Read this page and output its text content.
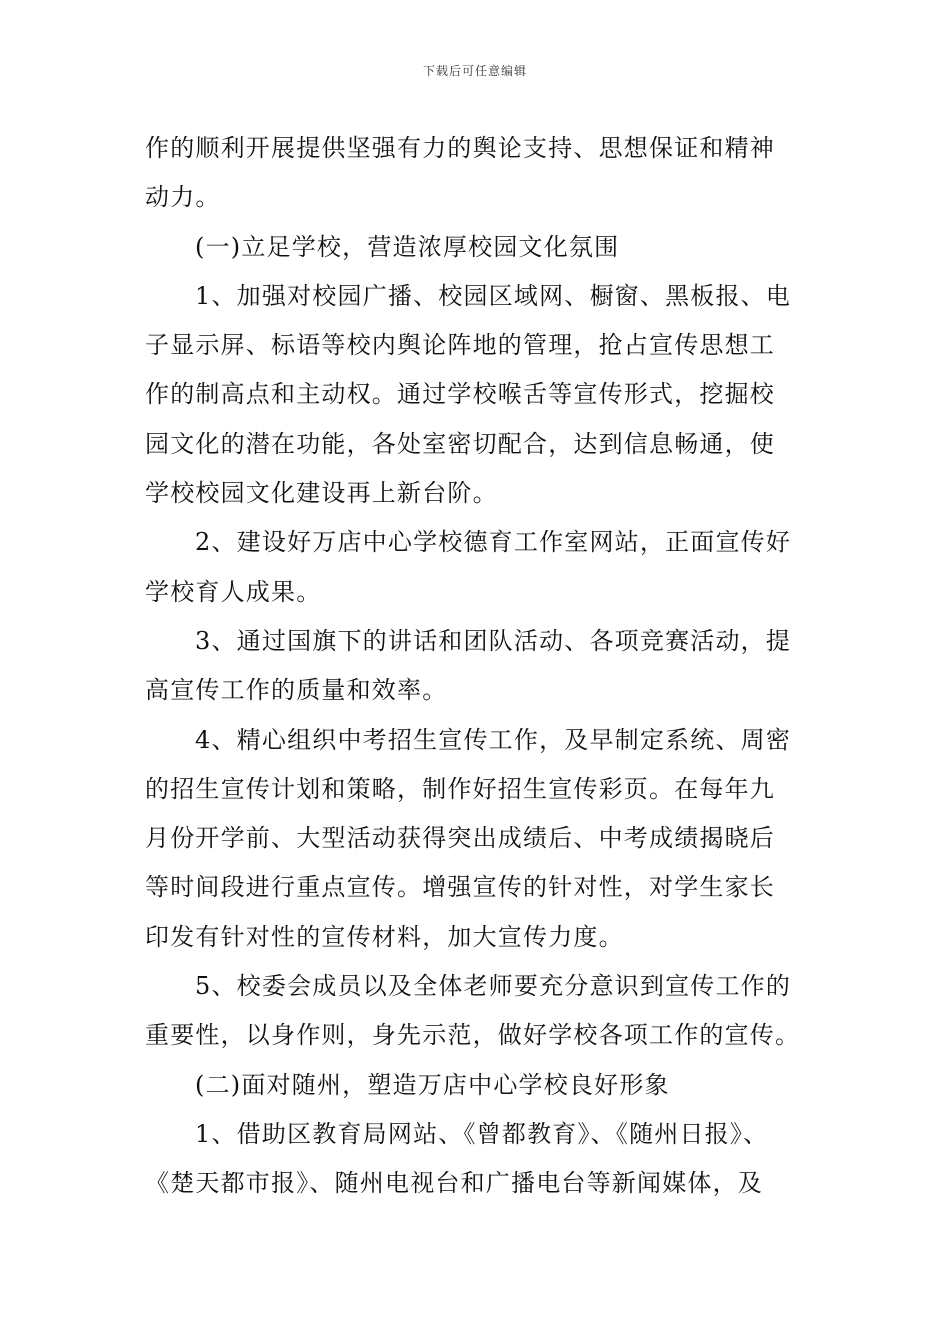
下载后可任意编辑
作的顺利开展提供坚强有力的舆论支持、思想保证和精神
动力。
(一)立足学校，营造浓厚校园文化氛围
1、加强对校园广播、校园区域网、橱窗、黑板报、电
子显示屏、标语等校内舆论阵地的管理，抢占宣传思想工
作的制高点和主动权。通过学校喉舌等宣传形式，挖掘校
园文化的潜在功能，各处室密切配合，达到信息畅通，使
学校校园文化建设再上新台阶。
2、建设好万店中心学校德育工作室网站，正面宣传好
学校育人成果。
3、通过国旗下的讲话和团队活动、各项竞赛活动，提
高宣传工作的质量和效率。
4、精心组织中考招生宣传工作，及早制定系统、周密
的招生宣传计划和策略，制作好招生宣传彩页。在每年九
月份开学前、大型活动获得突出成绩后、中考成绩揭晓后
等时间段进行重点宣传。增强宣传的针对性，对学生家长
印发有针对性的宣传材料，加大宣传力度。
5、校委会成员以及全体老师要充分意识到宣传工作的
重要性，以身作则，身先示范，做好学校各项工作的宣传。
(二)面对随州，塑造万店中心学校良好形象
1、借助区教育局网站、《曾都教育》、《随州日报》、
《楚天都市报》、随州电视台和广播电台等新闻媒体，及
